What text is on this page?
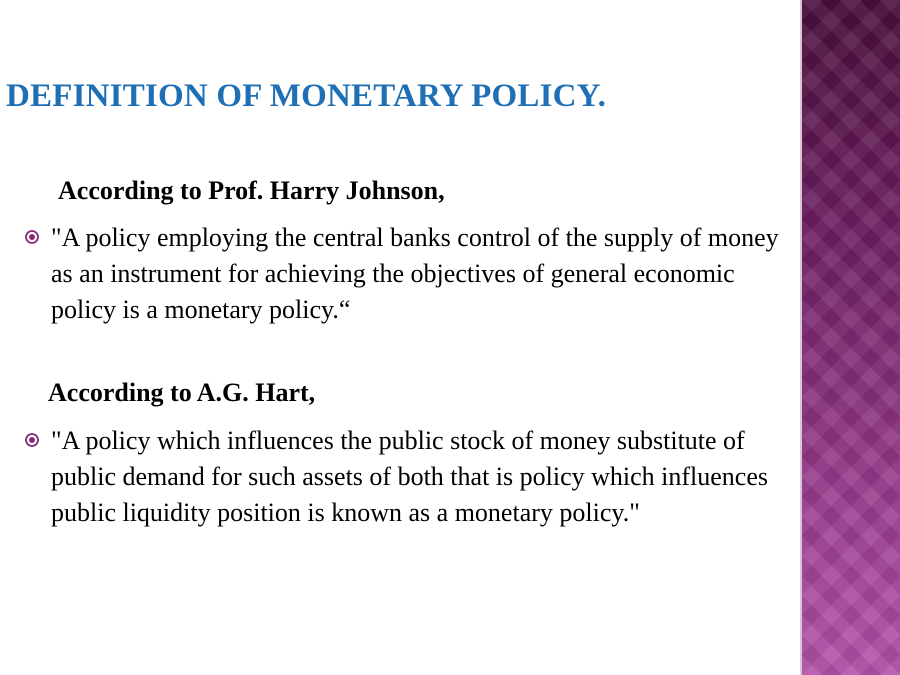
DEFINITION OF MONETARY POLICY.

According to Prof. Harry Johnson,

"A policy employing the central banks control of the supply of money as an instrument for achieving the objectives of general economic policy is a monetary policy.“

According to A.G. Hart,

"A policy which influences the public stock of money substitute of public demand for such assets of both that is policy which influences public liquidity position is known as a monetary policy."
